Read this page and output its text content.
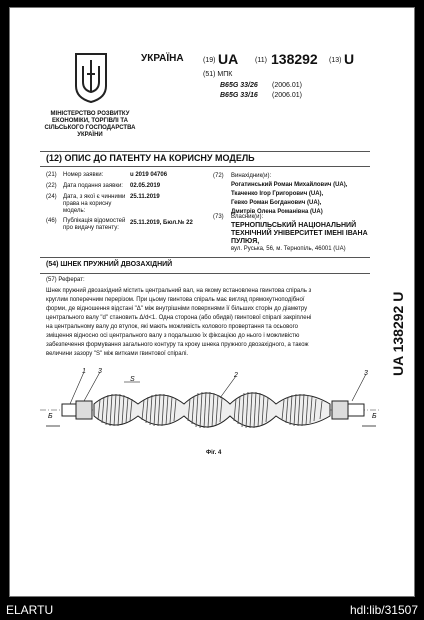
МІНІСТЕРСТВО РОЗВИТКУ ЕКОНОМІКИ, ТОРГІВЛІ ТА СІЛЬСЬКОГО ГОСПОДАРСТВА УКРАЇНИ
УКРАЇНА	(19) UA (11) 138292 (13) U
(51) МПК
B65G 33/26 (2006.01)
B65G 33/16 (2006.01)
(12) ОПИС ДО ПАТЕНТУ НА КОРИСНУ МОДЕЛЬ
(21) Номер заявки:	u 2019 04706
(22) Дата подання заявки:	02.05.2019
(24) Дата, з якої є чинними права на корисну модель:
25.11.2019
(46) Публікація відомостей про видачу патенту:
25.11.2019, Бюл.№ 22
(72) Винахідник(и):
Рогатинський Роман Михайлович (UA),
Ткаченко Ігор Григорович (UA),
Гевко Роман Богданович (UA),
Дмитрів Олена Романівна (UA)
(73) Власник(и):
ТЕРНОПІЛЬСЬКИЙ НАЦІОНАЛЬНИЙ ТЕХНІЧНИЙ УНІВЕРСИТЕТ ІМЕНІ ІВАНА ПУЛЮЯ,
вул. Руська, 56, м. Тернопіль, 46001 (UA)
(54) ШНЕК ПРУЖНИЙ ДВОЗАХІДНИЙ
(57) Реферат:
Шнек пружний двозахідний містить центральний вал, на якому встановлена гвинтова спіраль з
круглим поперечним перерізом. При цьому гвинтова спіраль має вигляд прямокутноподібної
форми, де відношення відстані "Δ" між внутрішніми поверхнями її більших сторін до діаметру
центрального валу "d" становить Δ/d<1. Одна сторона (або обидві) гвинтової спіралі закріплені
на центральному валу до втулок, які мають можливість колового провертання та осьового
зміщення відносно осі центрального валу з подальшою їх фіксацією до нього і можливістю
забезпечення формування загального контуру та кроку шнека пружного двозахідного, а також
величини зазору "S" між витками гвинтової спіралі.
1 3
S
2	3
Б	Б
Фіг. 4
UA 138292 U
ELARTU	hdl:lib/31507
